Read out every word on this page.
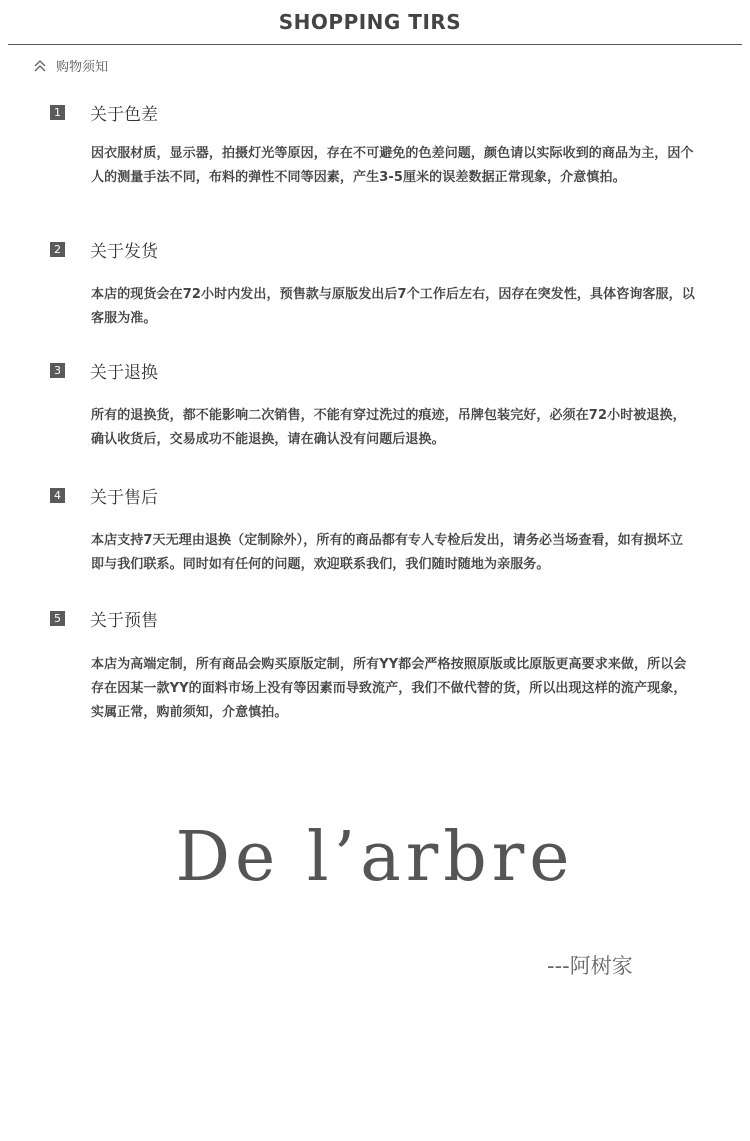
SHOPPING TIRS
购物须知
1 关于色差
因衣服材质，显示器，拍摄灯光等原因，存在不可避免的色差问题，颜色请以实际收到的商品为主，因个人的测量手法不同，布料的弹性不同等因素，产生3-5厘米的误差数据正常现象，介意慎拍。
2 关于发货
本店的现货会在72小时内发出，预售款与原版发出后7个工作后左右，因存在突发性，具体咨询客服，以客服为准。
3 关于退换
所有的退换货，都不能影响二次销售，不能有穿过洗过的痕迹，吊牌包装完好，必须在72小时被退换，确认收货后，交易成功不能退换，请在确认没有问题后退换。
4 关于售后
本店支持7天无理由退换（定制除外），所有的商品都有专人专检后发出，请务必当场查看，如有损坏立即与我们联系。同时如有任何的问题，欢迎联系我们，我们随时随地为亲服务。
5 关于预售
本店为高端定制，所有商品会购买原版定制，所有YY都会严格按照原版或比原版更高要求来做，所以会存在因某一款YY的面料市场上没有等因素而导致流产，我们不做代替的货，所以出现这样的流产现象，实属正常，购前须知，介意慎拍。
De l’arbre
---阿树家
